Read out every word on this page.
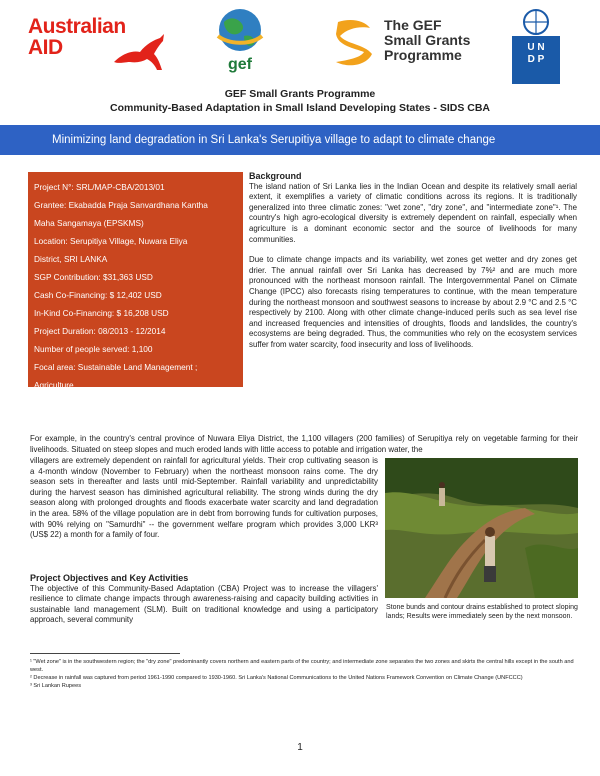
Australian
AID
gef
The GEF
Small Grants
Programme	U N
D P
GEF Small Grants Programme
Community-Based Adaptation in Small Island Developing States - SIDS CBA
Minimizing land degradation in Sri Lanka's Serupitiya village to adapt to climate change
Project N°: SRL/MAP-CBA/2013/01
Grantee: Ekabadda Praja Sanvardhana Kantha
Maha Sangamaya (EPSKMS)
Location: Serupitiya Village, Nuwara Eliya
District, SRI LANKA
SGP Contribution: $31,363 USD
Cash Co-Financing: $ 12,402 USD
In-Kind Co-Financing: $ 16,208 USD
Project Duration: 08/2013 - 12/2014
Number of people served: 1,100
Focal area: Sustainable Land Management ;
Agriculture
Background

The island nation of Sri Lanka lies in the Indian Ocean and despite its relatively small aerial extent, it exemplifies a variety of climatic conditions across its regions. It is traditionally generalized into three climatic zones: "wet zone", "dry zone", and "intermediate zone"¹. The country's high agro-ecological diversity is extremely dependent on rainfall, especially when agriculture is a dominant economic sector and the source of livelihoods for many communities.

Due to climate change impacts and its variability, wet zones get wetter and dry zones get drier. The annual rainfall over Sri Lanka has decreased by 7%² and are much more pronounced with the northeast monsoon rainfall. The Intergovernmental Panel on Climate Change (IPCC) also forecasts rising temperatures to continue, with the mean temperature during the northeast monsoon and southwest seasons to increase by about 2.9 °C and 2.5 °C respectively by 2100. Along with other climate change-induced perils such as sea level rise and increased frequencies and intensities of droughts, floods and landslides, the country's ecosystems are being degraded. Thus, the communities who rely on the ecosystem services suffer from water scarcity, food insecurity and loss of livelihoods.

For example, in the country's central province of Nuwara Eliya District, the 1,100 villagers (200 families) of Serupitiya rely on vegetable farming for their livelihoods. Situated on steep slopes and much eroded lands with little access to potable and irrigation water, the

villagers are extremely dependent on rainfall for agricultural yields. Their crop cultivating season is a 4-month window (November to February) when the northeast monsoon rains come. The dry season sets in thereafter and lasts until mid-September. Rainfall variability and unpredictability during the harvest season has diminished agricultural reliability. The strong winds during the dry season along with prolonged droughts and floods exacerbate water scarcity and land degradation in the area. 58% of the village population are in debt from borrowing funds for cultivation purposes, with 90% relying on "Samurdhi" -- the government welfare program which provides 3,000 LKR³ (US$ 22) a month for a family of four.

Project Objectives and Key Activities

The objective of this Community-Based Adaptation (CBA) Project was to increase the villagers' resilience to climate change impacts through awareness-raising and capacity building activities in sustainable land management (SLM). Built on traditional knowledge and using a participatory approach, several community

Stone bunds and contour drains established to protect sloping lands; Results were immediately seen by the next monsoon.
¹ "Wet zone" is in the southwestern region; the "dry zone" predominantly covers northern and eastern parts of the country; and intermediate zone separates the two zones and skirts the central hills except in the south and west.
² Decrease in rainfall was captured from period 1961-1990 compared to 1930-1960. Sri Lanka's National Communications to the United Nations Framework Convention on Climate Change (UNFCCC)
³ Sri Lankan Rupees
1
